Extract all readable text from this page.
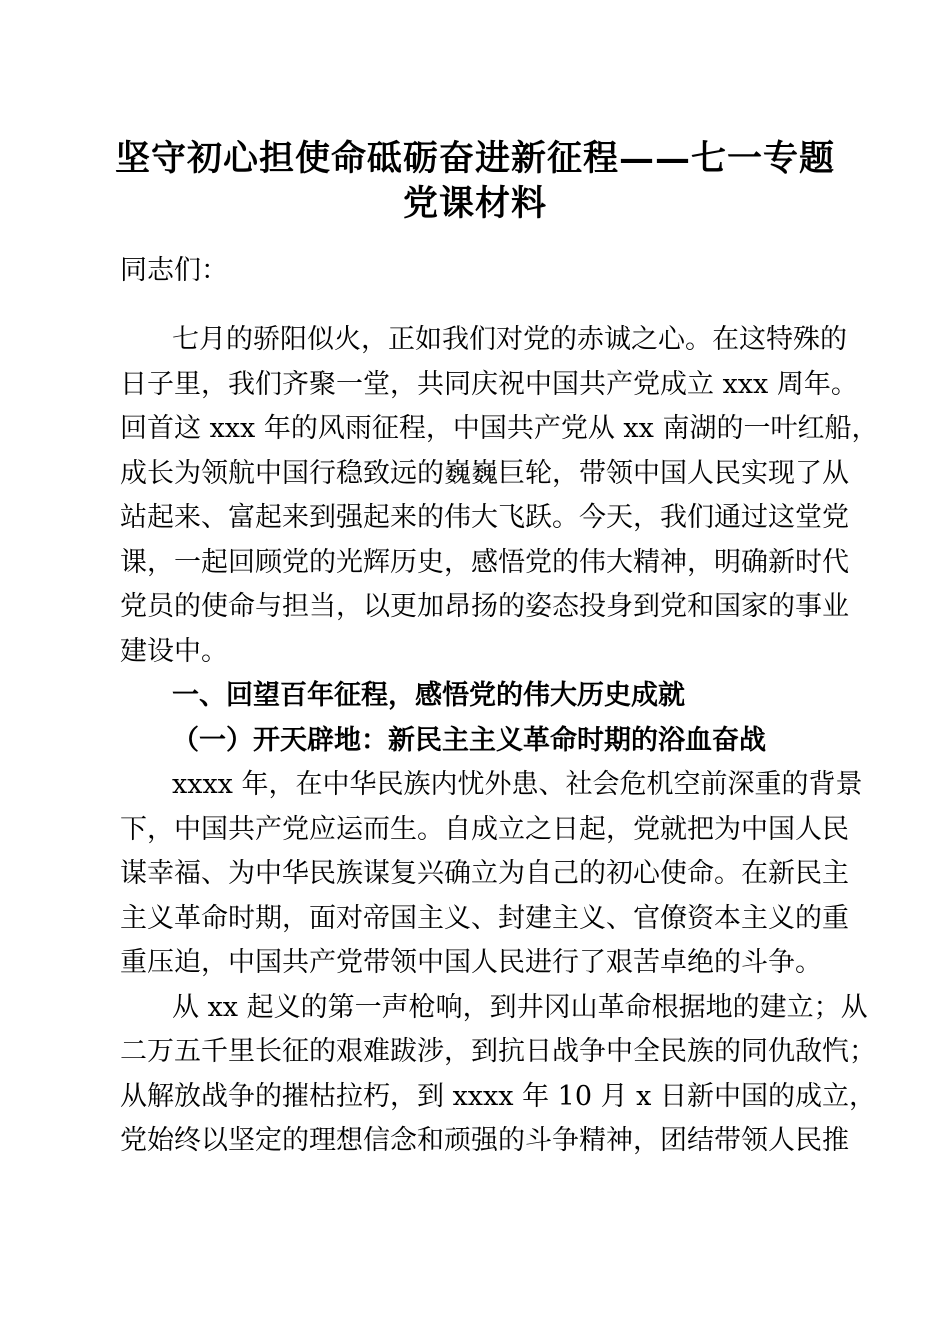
坚守初心担使命砥砺奋进新征程——七一专题
党课材料
同志们：
七月的骄阳似火，正如我们对党的赤诚之心。在这特殊的
日子里，我们齐聚一堂，共同庆祝中国共产党成立 xxx 周年。
回首这 xxx 年的风雨征程，中国共产党从 xx 南湖的一叶红船，
成长为领航中国行稳致远的巍巍巨轮，带领中国人民实现了从
站起来、富起来到强起来的伟大飞跃。今天，我们通过这堂党
课，一起回顾党的光辉历史，感悟党的伟大精神，明确新时代
党员的使命与担当，以更加昂扬的姿态投身到党和国家的事业
建设中。
一、回望百年征程，感悟党的伟大历史成就
（一）开天辟地：新民主主义革命时期的浴血奋战
xxxx 年，在中华民族内忧外患、社会危机空前深重的背景
下，中国共产党应运而生。自成立之日起，党就把为中国人民
谋幸福、为中华民族谋复兴确立为自己的初心使命。在新民主
主义革命时期，面对帝国主义、封建主义、官僚资本主义的重
重压迫，中国共产党带领中国人民进行了艰苦卓绝的斗争。
从 xx 起义的第一声枪响，到井冈山革命根据地的建立；从
二万五千里长征的艰难跋涉，到抗日战争中全民族的同仇敌忾；
从解放战争的摧枯拉朽，到 xxxx 年 10 月 x 日新中国的成立，
党始终以坚定的理想信念和顽强的斗争精神，团结带领人民推
